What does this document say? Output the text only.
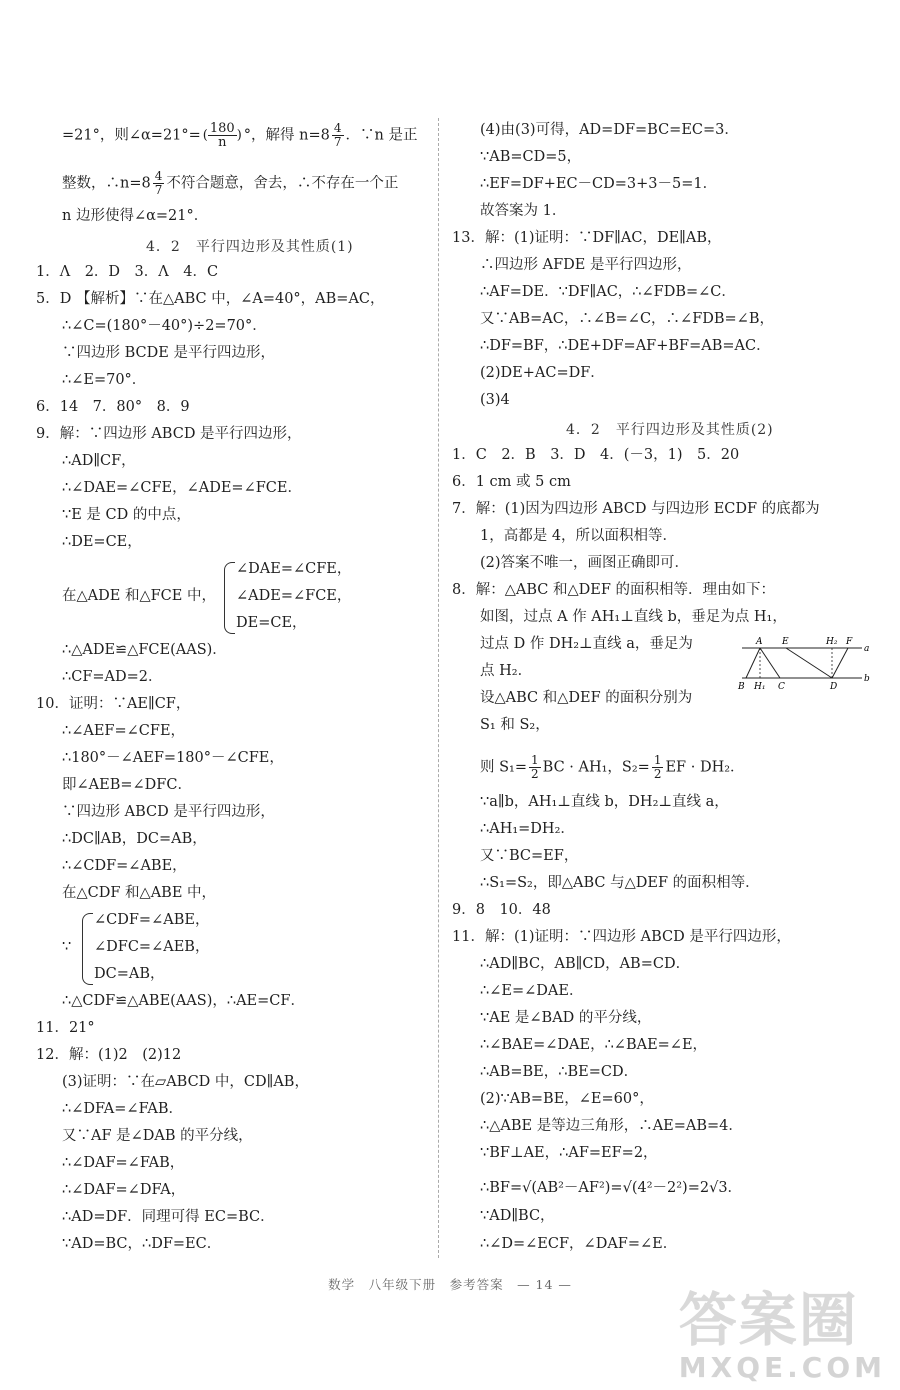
=21°，则∠α=21°= ( $\frac{180}{n}$ ) °，解得 $n=8 \frac{4}{7}$ ．∵n 是正
整数，∴n=8 $\frac{4}{7}$ 不符合题意，舍去，∴不存在一个正
n 边形使得∠α=21°．
4．2　平行四边形及其性质(1)
1．Λ　2．D　3．Λ　4．C
5．D 【解析】∵在△ABC 中，∠A=40°，AB=AC，
∴∠C=(180°－40°)÷2=70°．
∵四边形 BCDE 是平行四边形，
∴∠E=70°．
6．14　7．80°　8．9
9．解：∵四边形 ABCD 是平行四边形，
∴AD∥CF，
∴∠DAE=∠CFE，∠ADE=∠FCE．
∵E 是 CD 的中点，
∴DE=CE，
在△ADE 和△FCE 中，
∠DAE=∠CFE，
∠ADE=∠FCE，
DE=CE，
∴△ADE≌△FCE(AAS)．
∴CF=AD=2．
10．证明：∵AE∥CF，
∴∠AEF=∠CFE，
∴180°－∠AEF=180°－∠CFE，
即∠AEB=∠DFC．
∵四边形 ABCD 是平行四边形，
∴DC∥AB，DC=AB，
∴∠CDF=∠ABE，
在△CDF 和△ABE 中，
∵
∠CDF=∠ABE，
∠DFC=∠AEB，
DC=AB，
∴△CDF≌△ABE(AAS)，∴AE=CF．
11．21°
12．解：(1)2　(2)12
(3)证明：∵在▱ABCD 中，CD∥AB，
∴∠DFA=∠FAB．
又∵AF 是∠DAB 的平分线，
∴∠DAF=∠FAB，
∴∠DAF=∠DFA，
∴AD=DF．同理可得 EC=BC．
∵AD=BC，∴DF=EC．
(4)由(3)可得，AD=DF=BC=EC=3．
∵AB=CD=5，
∴EF=DF+EC－CD=3+3－5=1．
故答案为 1．
13．解：(1)证明：∵DF∥AC，DE∥AB，
∴四边形 AFDE 是平行四边形，
∴AF=DE．∵DF∥AC，∴∠FDB=∠C．
又∵AB=AC，∴∠B=∠C，∴∠FDB=∠B，
∴DF=BF，∴DE+DF=AF+BF=AB=AC．
(2)DE+AC=DF．
(3)4
4．2　平行四边形及其性质(2)
1．C　2．B　3．D　4．(－3，1)　5．20
6．1 cm 或 5 cm
7．解：(1)因为四边形 ABCD 与四边形 ECDF 的底都为
1，高都是 4，所以面积相等．
(2)答案不唯一，画图正确即可．
8．解：△ABC 和△DEF 的面积相等．理由如下：
如图，过点 A 作 AH₁⊥直线 b，垂足为点 H₁，
过点 D 作 DH₂⊥直线 a，垂足为
点 H₂．
设△ABC 和△DEF 的面积分别为
S₁ 和 S₂，
A E	H₂ F
a
B H₁ C	D
b
则 $S_1= \frac{1}{2}$ BC · AH₁，$S_2= \frac{1}{2}$ EF · DH₂．
∵a∥b，AH₁⊥直线 b，DH₂⊥直线 a，
∴AH₁=DH₂．
又∵BC=EF，
∴S₁=S₂，即△ABC 与△DEF 的面积相等．
9．8　10．48
11．解：(1)证明：∵四边形 ABCD 是平行四边形，
∴AD∥BC，AB∥CD，AB=CD．
∴∠E=∠DAE．
∵AE 是∠BAD 的平分线，
∴∠BAE=∠DAE，∴∠BAE=∠E，
∴AB=BE，∴BE=CD．
(2)∵AB=BE，∠E=60°，
∴△ABE 是等边三角形，∴AE=AB=4．
∵BF⊥AE，∴AF=EF=2，
∴BF=√(AB²－AF²)=√(4²－2²)=2√3．
∵AD∥BC，
∴∠D=∠ECF，∠DAF=∠E．
数学　八年级下册　参考答案　— 14 —
答案圈
MXQE.COM
